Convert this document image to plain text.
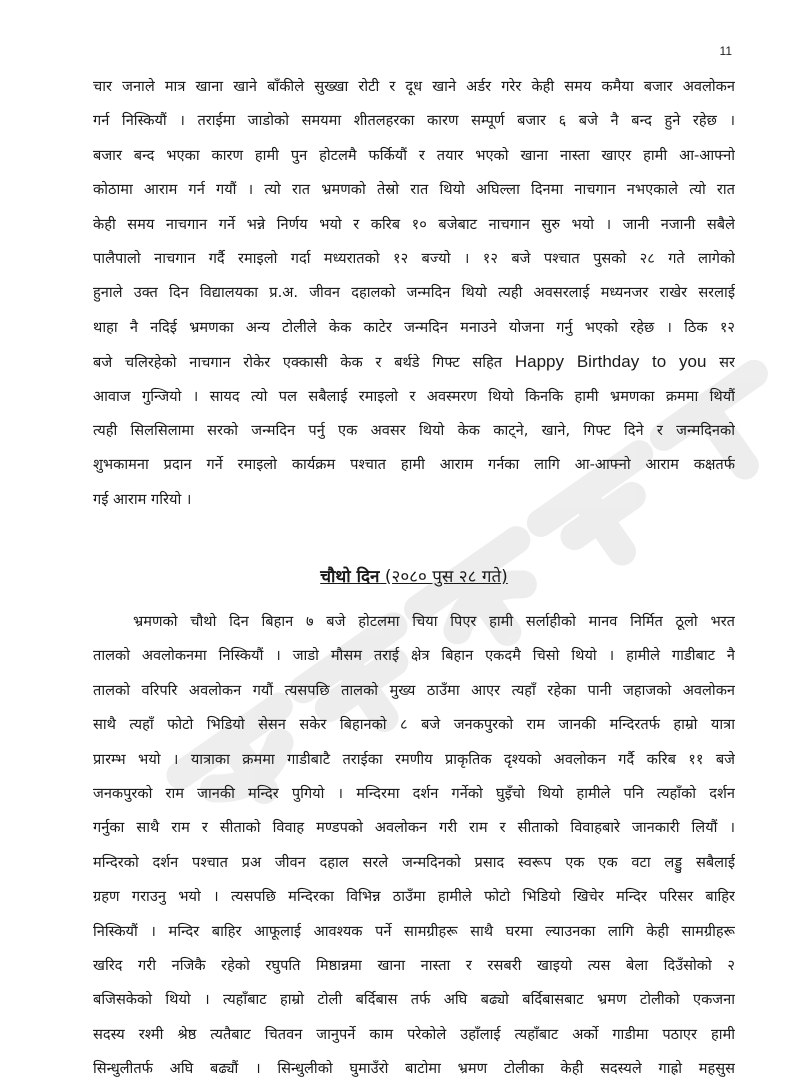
11
चार जनाले मात्र खाना खाने बाँकीले सुख्खा रोटी र दूध खाने अर्डर गरेर केही समय कमैया बजार अवलोकन
गर्न निस्कियौं । तराईमा जाडोको समयमा शीतलहरका कारण सम्पूर्ण बजार ६ बजे नै बन्द हुने रहेछ ।
बजार बन्द भएका कारण हामी पुन होटलमै फर्कियौं र तयार भएको खाना नास्ता खाएर हामी आ-आफ्नो
कोठामा आराम गर्न गयौं । त्यो रात भ्रमणको तेस्रो रात थियो अघिल्ला दिनमा नाचगान नभएकाले त्यो रात
केही समय नाचगान गर्ने भन्ने निर्णय भयो र करिब १० बजेबाट नाचगान सुरु भयो । जानी नजानी सबैले
पालैपालो नाचगान गर्दै रमाइलो गर्दा मध्यरातको १२ बज्यो । १२ बजे पश्चात पुसको २८ गते लागेको
हुनाले उक्त दिन विद्यालयका प्र.अ. जीवन दहालको जन्मदिन थियो त्यही अवसरलाई मध्यनजर राखेर सरलाई
थाहा नै नदिई भ्रमणका अन्य टोलीले केक काटेर जन्मदिन मनाउने योजना गर्नु भएको रहेछ । ठिक १२
बजे चलिरहेको नाचगान रोकेर एक्कासी केक र बर्थडे गिफ्ट सहित Happy Birthday to you सर
आवाज गुन्जियो । सायद त्यो पल सबैलाई रमाइलो र अवस्मरण थियो किनकि हामी भ्रमणका क्रममा थियौं
त्यही सिलसिलामा सरको जन्मदिन पर्नु एक अवसर थियो केक काट्ने, खाने, गिफ्ट दिने र जन्मदिनको
शुभकामना प्रदान गर्ने रमाइलो कार्यक्रम पश्चात हामी आराम गर्नका लागि आ-आफ्नो आराम कक्षतर्फ
गई आराम गरियो ।
चौथो दिन (२०८० पुस २८ गते)
भ्रमणको चौथो दिन बिहान ७ बजे होटलमा चिया पिएर हामी सर्लाहीको मानव निर्मित ठूलो भरत
तालको अवलोकनमा निस्कियौं । जाडो मौसम तराई क्षेत्र बिहान एकदमै चिसो थियो । हामीले गाडीबाट नै
तालको वरिपरि अवलोकन गयौं त्यसपछि तालको मुख्य ठाउँमा आएर त्यहाँ रहेका पानी जहाजको अवलोकन
साथै त्यहाँ फोटो भिडियो सेसन सकेर बिहानको ८ बजे जनकपुरको राम जानकी मन्दिरतर्फ हाम्रो यात्रा
प्रारम्भ भयो । यात्राका क्रममा गाडीबाटै तराईका रमणीय प्राकृतिक दृश्यको अवलोकन गर्दै करिब ११ बजे
जनकपुरको राम जानकी मन्दिर पुगियो । मन्दिरमा दर्शन गर्नेको घुइँचो थियो हामीले पनि त्यहाँको दर्शन
गर्नुका साथै राम र सीताको विवाह मण्डपको अवलोकन गरी राम र सीताको विवाहबारे जानकारी लियौं ।
मन्दिरको दर्शन पश्चात प्रअ जीवन दहाल सरले जन्मदिनको प्रसाद स्वरूप एक एक वटा लड्डु सबैलाई
ग्रहण गराउनु भयो । त्यसपछि मन्दिरका विभिन्न ठाउँमा हामीले फोटो भिडियो खिचेर मन्दिर परिसर बाहिर
निस्कियौं । मन्दिर बाहिर आफूलाई आवश्यक पर्ने सामग्रीहरू साथै घरमा ल्याउनका लागि केही सामग्रीहरू
खरिद गरी नजिकै रहेको रघुपति मिष्ठान्नमा खाना नास्ता र रसबरी खाइयो त्यस बेला दिउँसोको २
बजिसकेको थियो । त्यहाँबाट हाम्रो टोली बर्दिबास तर्फ अघि बढ्यो बर्दिबासबाट भ्रमण टोलीको एकजना
सदस्य रश्मी श्रेष्ठ त्यतैबाट चितवन जानुपर्ने काम परेकोले उहाँलाई त्यहाँबाट अर्को गाडीमा पठाएर हामी
सिन्धुलीतर्फ अघि बढ्यौं । सिन्धुलीको घुमाउँरो बाटोमा भ्रमण टोलीका केही सदस्यले गाह्रो महसुस
